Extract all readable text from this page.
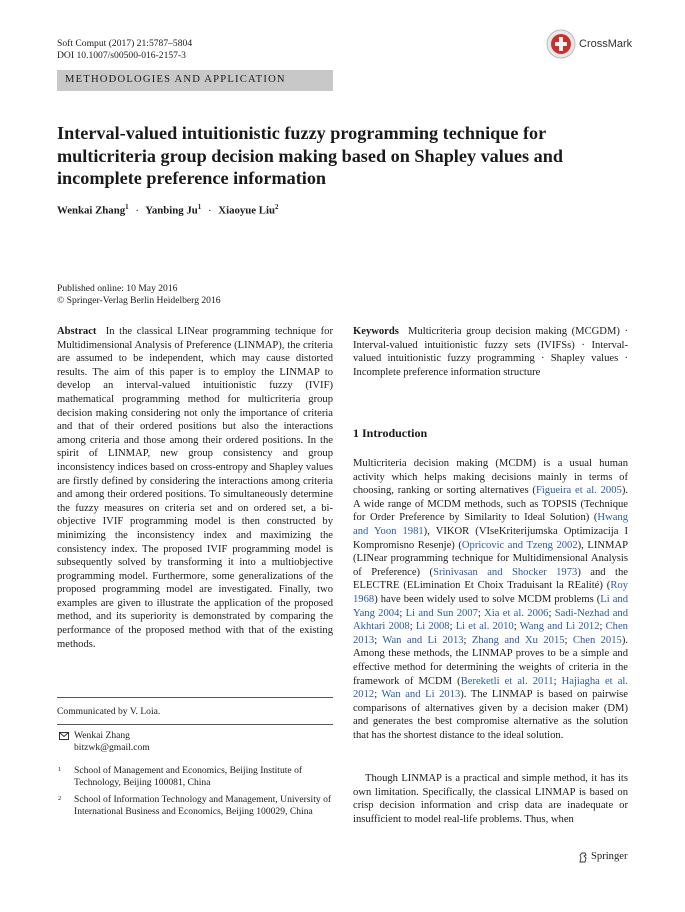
Soft Comput (2017) 21:5787–5804
DOI 10.1007/s00500-016-2157-3
CrossMark
METHODOLOGIES AND APPLICATION
Interval-valued intuitionistic fuzzy programming technique for multicriteria group decision making based on Shapley values and incomplete preference information
Wenkai Zhang$^1$ · Yanbing $Ju^1$ · Xiaoyue Liu$^2$
Published online: 10 May 2016
© Springer-Verlag Berlin Heidelberg 2016
Abstract In the classical LINear programming technique for Multidimensional Analysis of Preference (LINMAP), the criteria are assumed to be independent, which may cause distorted results. The aim of this paper is to employ the LINMAP to develop an interval-valued intuitionistic fuzzy (IVIF) mathematical programming method for multicriteria group decision making considering not only the importance of criteria and that of their ordered positions but also the interactions among criteria and those among their ordered positions. In the spirit of LINMAP, new group consistency and group inconsistency indices based on cross-entropy and Shapley values are firstly defined by considering the interactions among criteria and among their ordered positions. To simultaneously determine the fuzzy measures on criteria set and on ordered set, a bi-objective IVIF programming model is then constructed by minimizing the inconsistency index and maximizing the consistency index. The proposed IVIF programming model is subsequently solved by transforming it into a multiobjective programming model. Furthermore, some generalizations of the proposed programming model are investigated. Finally, two examples are given to illustrate the application of the proposed method, and its superiority is demonstrated by comparing the performance of the proposed method with that of the existing methods.
Communicated by V. Loia.
Wenkai Zhang
bitzwk@gmail.com
1 School of Management and Economics, Beijing Institute of Technology, Beijing 100081, China
2 School of Information Technology and Management, University of International Business and Economics, Beijing 100029, China
Keywords Multicriteria group decision making (MCGDM) · Interval-valued intuitionistic fuzzy sets (IVIFSs) · Interval-valued intuitionistic fuzzy programming · Shapley values · Incomplete preference information structure
1 Introduction
Multicriteria decision making (MCDM) is a usual human activity which helps making decisions mainly in terms of choosing, ranking or sorting alternatives (Figueira et al. 2005). A wide range of MCDM methods, such as TOPSIS (Technique for Order Preference by Similarity to Ideal Solution) (Hwang and Yoon 1981), VIKOR (VIseKriterijumska Optimizacija I Kompromisno Resenje) (Opricovic and Tzeng 2002), LINMAP (LINear programming technique for Multidimensional Analysis of Preference) (Srinivasan and Shocker 1973) and the ELECTRE (ELimination Et Choix Traduisant la REalité) (Roy 1968) have been widely used to solve MCDM problems (Li and Yang 2004; Li and Sun 2007; Xia et al. 2006; Sadi-Nezhad and Akhtari 2008; Li 2008; Li et al. 2010; Wang and Li 2012; Chen 2013; Wan and Li 2013; Zhang and Xu 2015; Chen 2015). Among these methods, the LINMAP proves to be a simple and effective method for determining the weights of criteria in the framework of MCDM (Bereketli et al. 2011; Hajiagha et al. 2012; Wan and Li 2013). The LINMAP is based on pairwise comparisons of alternatives given by a decision maker (DM) and generates the best compromise alternative as the solution that has the shortest distance to the ideal solution.
Though LINMAP is a practical and simple method, it has its own limitation. Specifically, the classical LINMAP is based on crisp decision information and crisp data are inadequate or insufficient to model real-life problems. Thus, when
Springer
